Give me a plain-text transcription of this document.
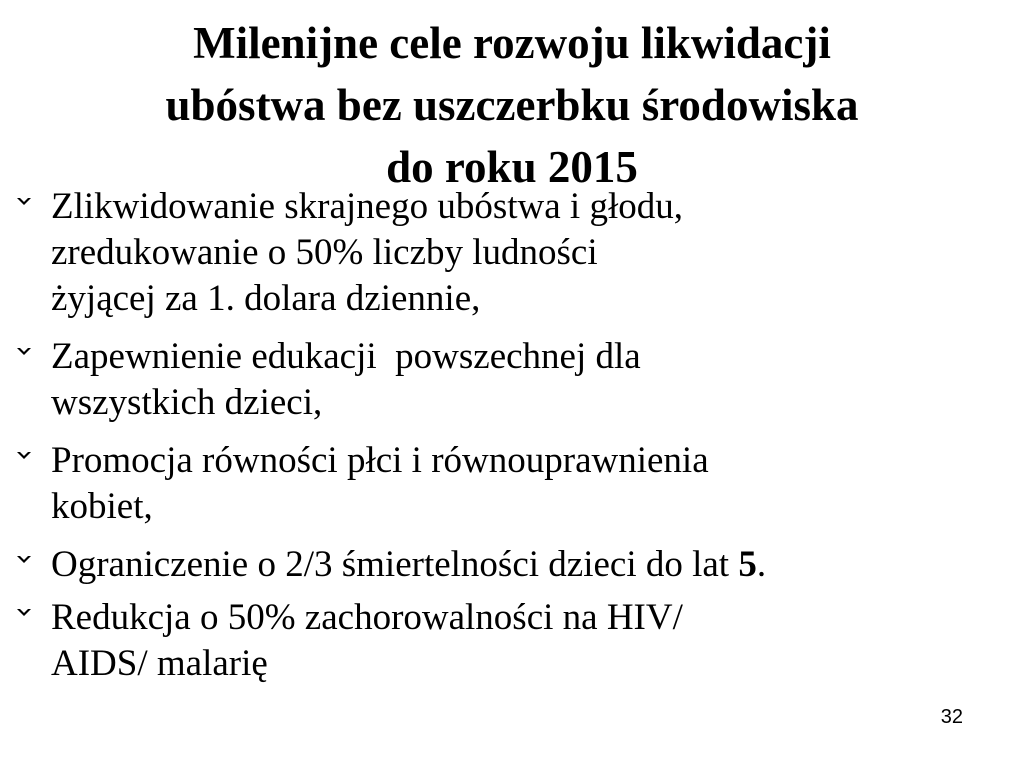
Milenijne cele rozwoju likwidacji
ubóstwa bez uszczerbku środowiska
do roku 2015
Zlikwidowanie skrajnego ubóstwa i głodu,
zredukowanie o 50% liczby ludności
żyjącej za 1. dolara dziennie,
Zapewnienie edukacji  powszechnej dla
wszystkich dzieci,
Promocja równości płci i równouprawnienia
kobiet,
Ograniczenie o 2/3 śmiertelności dzieci do lat 5.
Redukcja o 50% zachorowalności na HIV/
AIDS/ malarię
32
